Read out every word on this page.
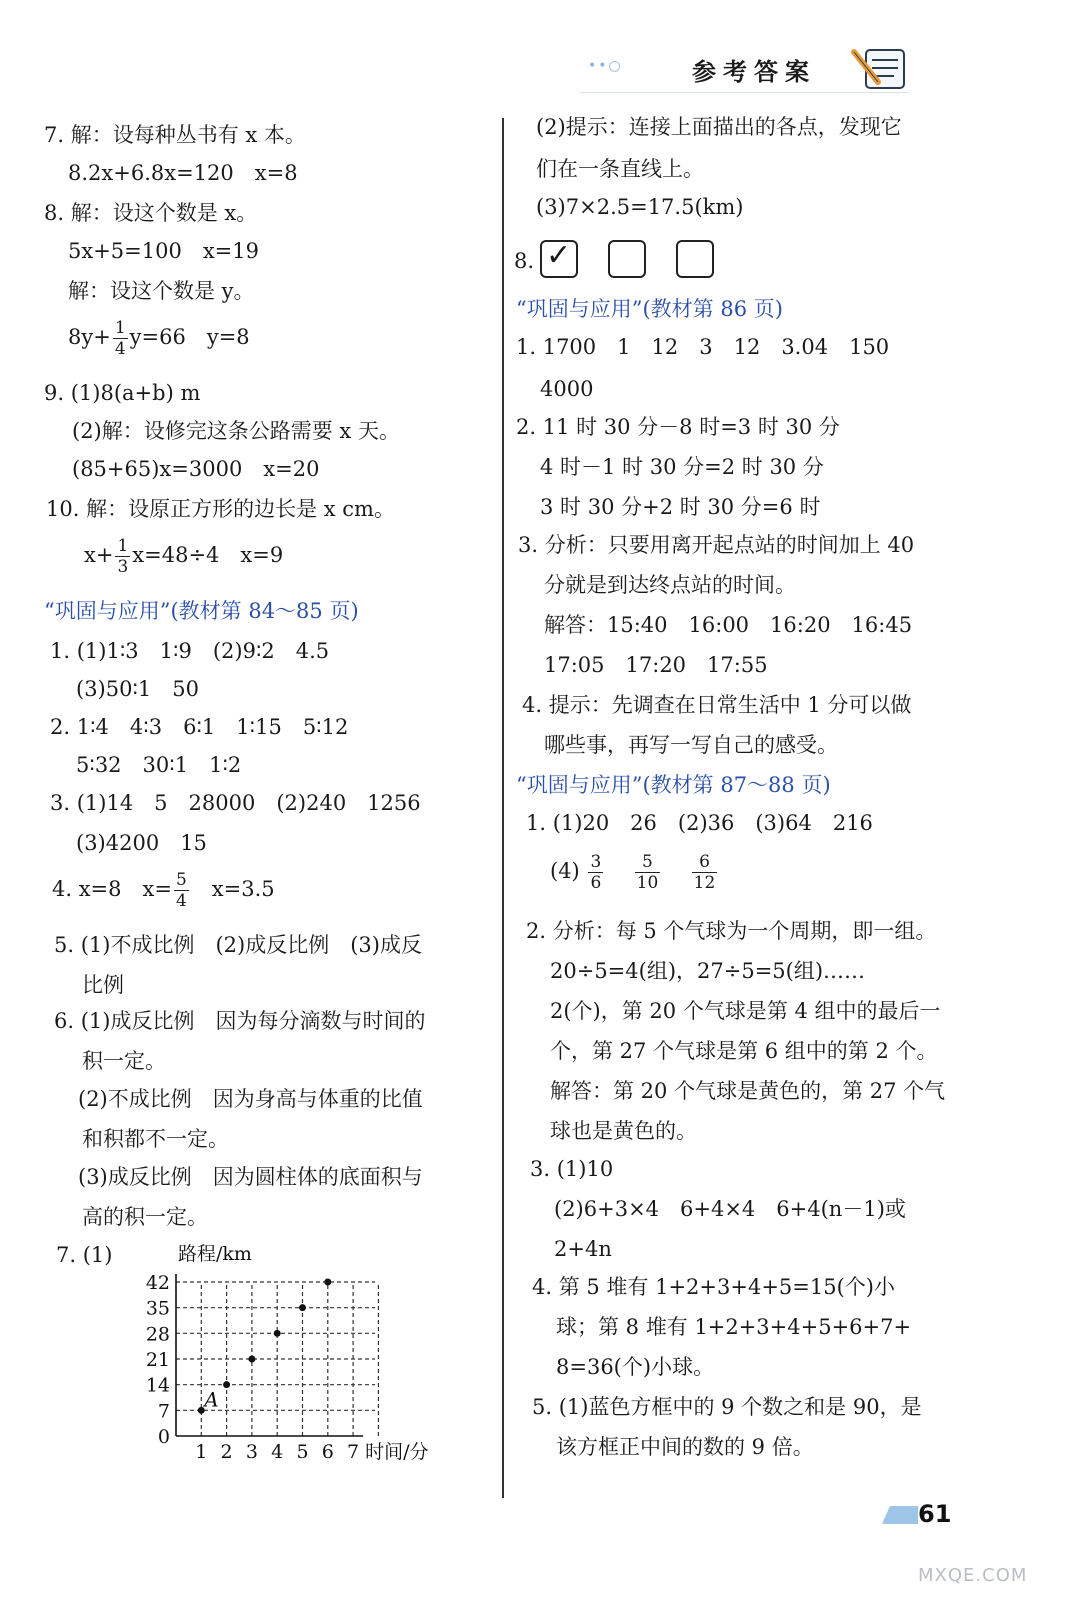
••○	参考答案
7. 解：设每种丛书有 x 本。
8.2x+6.8x=120　x=8
8. 解：设这个数是 x。
5x+5=100　x=19
解：设这个数是 y。
$8y+ \frac{1}{4} y=66$　y=8
9. (1)8(a+b) m
(2)解：设修完这条公路需要 x 天。
(85+65)x=3000　x=20
10. 解：设原正方形的边长是 x cm。
$x+ \frac{1}{3} x=48\div 4$　x=9
“巩固与应用”(教材第 84～85 页)
1. (1)1∶3　1∶9　(2)9∶2　4.5
(3)50∶1　50
2. 1∶4　4∶3　6∶1　1∶15　5∶12
5∶32　30∶1　1∶2
3. (1)14　5　28000　(2)240　1256
(3)4200　15
4. x=8　$x= \frac{5}{4}$ 　x=3.5
5. (1)不成比例　(2)成反比例　(3)成反
比例
6. (1)成反比例　因为每分滴数与时间的
积一定。
(2)不成比例　因为身高与体重的比值
和积都不一定。
(3)成反比例　因为圆柱体的底面积与
高的积一定。
7. (1)	路程/km
0
7
14
21
28
35
42
1 2 3 4 5 6 7 时间/分
A
(2)提示：连接上面描出的各点，发现它
们在一条直线上。
(3)7×2.5=17.5(km)
8. ✓
“巩固与应用”(教材第 86 页)
1. 1700　1　12　3　12　3.04　150
4000
2. 11 时 30 分－8 时=3 时 30 分
4 时－1 时 30 分=2 时 30 分
3 时 30 分+2 时 30 分=6 时
3. 分析：只要用离开起点站的时间加上 40
分就是到达终点站的时间。
解答：15:40　16:00　16:20　16:45
17:05　17:20　17:55
4. 提示：先调查在日常生活中 1 分可以做
哪些事，再写一写自己的感受。
“巩固与应用”(教材第 87～88 页)
1. (1)20　26　(2)36　(3)64　216
$(4) \frac{3}{6}$
$\frac{5}{10}$
$\frac{6}{12}$
2. 分析：每 5 个气球为一个周期，即一组。
20÷5=4(组)，27÷5=5(组)……
2(个)，第 20 个气球是第 4 组中的最后一
个，第 27 个气球是第 6 组中的第 2 个。
解答：第 20 个气球是黄色的，第 27 个气
球也是黄色的。
3. (1)10
(2)6+3×4　6+4×4　6+4(n－1)或
2+4n
4. 第 5 堆有 1+2+3+4+5=15(个)小
球；第 8 堆有 1+2+3+4+5+6+7+
8=36(个)小球。
5. (1)蓝色方框中的 9 个数之和是 90，是
该方框正中间的数的 9 倍。
61
MXQE.COM
